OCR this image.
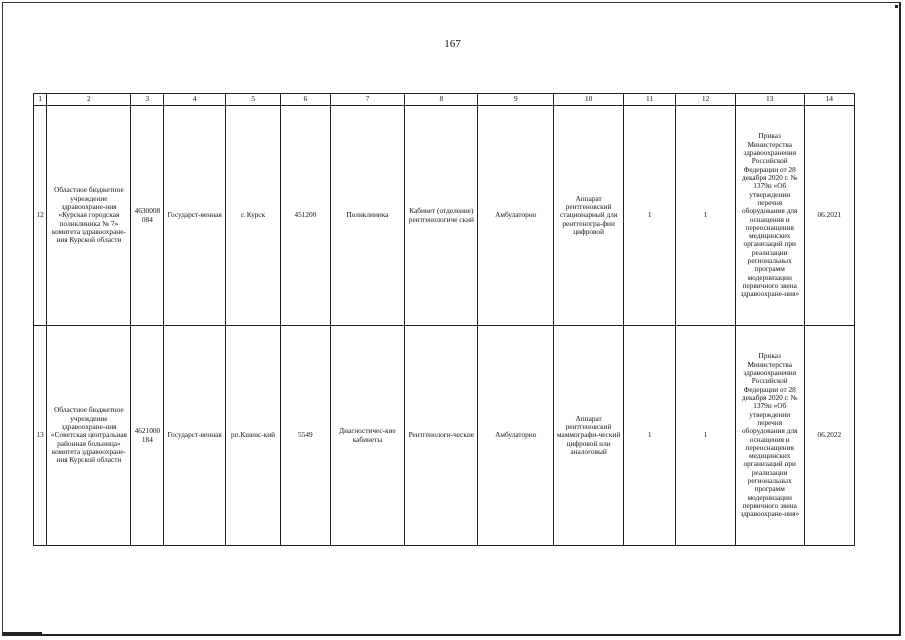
167
1	2	3	4	5	6	7	8	9	10	11	12	13	14
12	Областное бюджетное учреждение здравоохране-ния «Курская городская поликлиника № 7» комитета здравоохране-ния Курской области	4630008 084	Государст-венная	г. Курск	451200	Поликлиника	Кабинет (отделение) рентгенологиче ский	Амбулаторно	Аппарат рентгеновский стационарный для рентгеногра-фии цифровой	1	1	Приказ Министерства здравоохранения Российской Федерации от 28 декабря 2020 г. № 1379н «Об утверждении перечня оборудования для оснащения и переоснащения медицинских организаций при реализации региональных программ модернизации первичного звена здравоохране-ния»	06.2021
13	Областное бюджетное учреждение здравоохране-ния «Советская центральная районная больница» комитета здравоохране-ния Курской области	4621000 184	Государст-венная	рп.Кшенс-кий	5549	Диагностичес-кие кабинеты	Рентгенологи-ческие	Амбулаторно	Аппарат рентгеновский маммографи-ческий цифровой или аналоговый	1	1	Приказ Министерства здравоохранения Российской Федерации от 28 декабря 2020 г. № 1379н «Об утверждении перечня оборудования для оснащения и переоснащения медицинских организаций при реализации региональных программ модернизации первичного звена здравоохране-ния»	06.2022
